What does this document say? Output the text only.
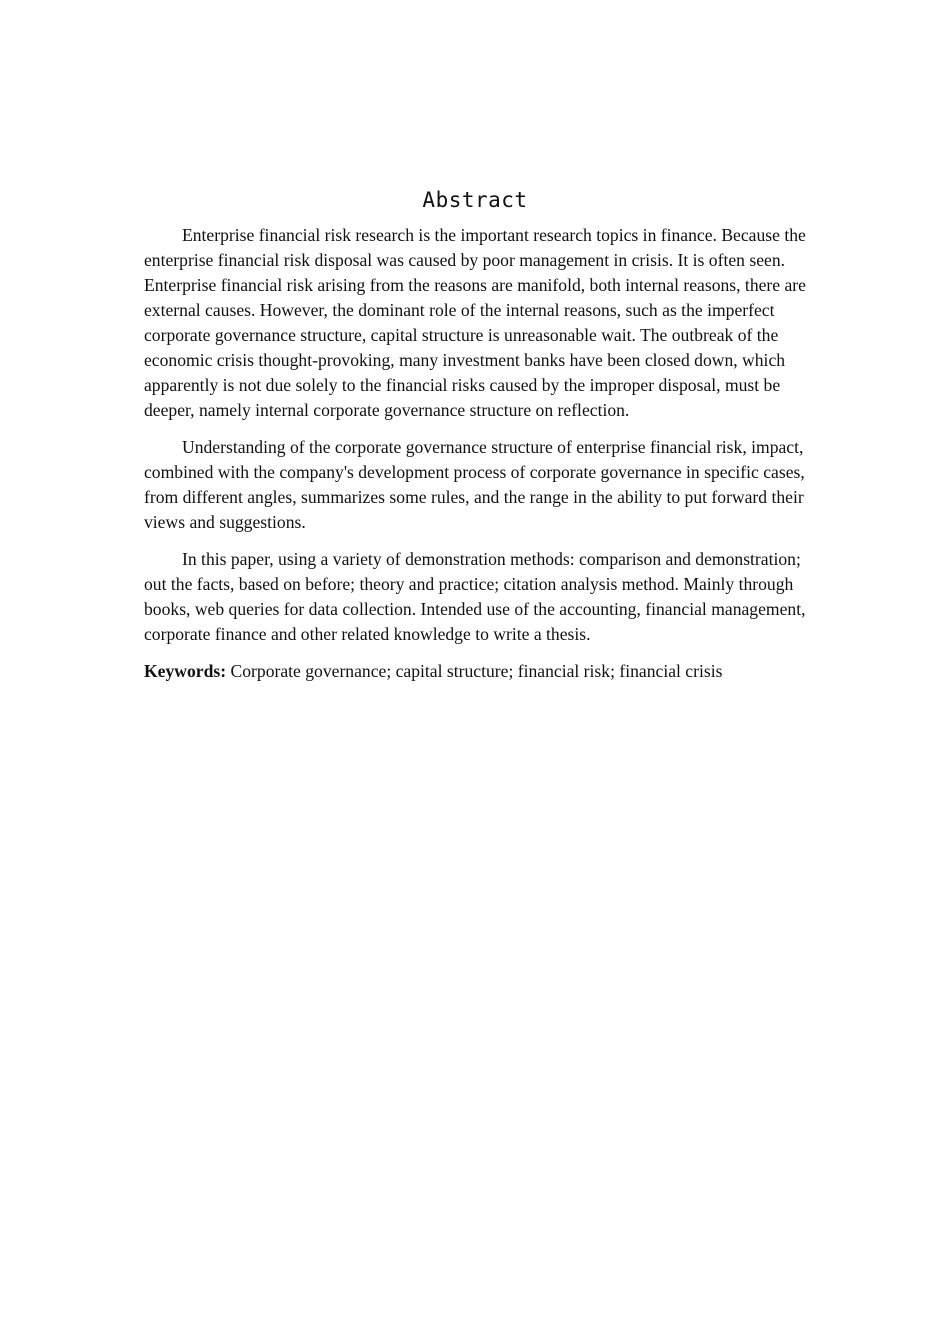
Abstract

Enterprise financial risk research is the important research topics in finance. Because the enterprise financial risk disposal was caused by poor management in crisis. It is often seen. Enterprise financial risk arising from the reasons are manifold, both internal reasons, there are external causes. However, the dominant role of the internal reasons, such as the imperfect corporate governance structure, capital structure is unreasonable wait. The outbreak of the economic crisis thought-provoking, many investment banks have been closed down, which apparently is not due solely to the financial risks caused by the improper disposal, must be deeper, namely internal corporate governance structure on reflection.

Understanding of the corporate governance structure of enterprise financial risk, impact, combined with the company's development process of corporate governance in specific cases, from different angles, summarizes some rules, and the range in the ability to put forward their views and suggestions.

In this paper, using a variety of demonstration methods: comparison and demonstration; out the facts, based on before; theory and practice; citation analysis method. Mainly through books, web queries for data collection. Intended use of the accounting, financial management, corporate finance and other related knowledge to write a thesis.

Keywords: Corporate governance; capital structure; financial risk; financial crisis
